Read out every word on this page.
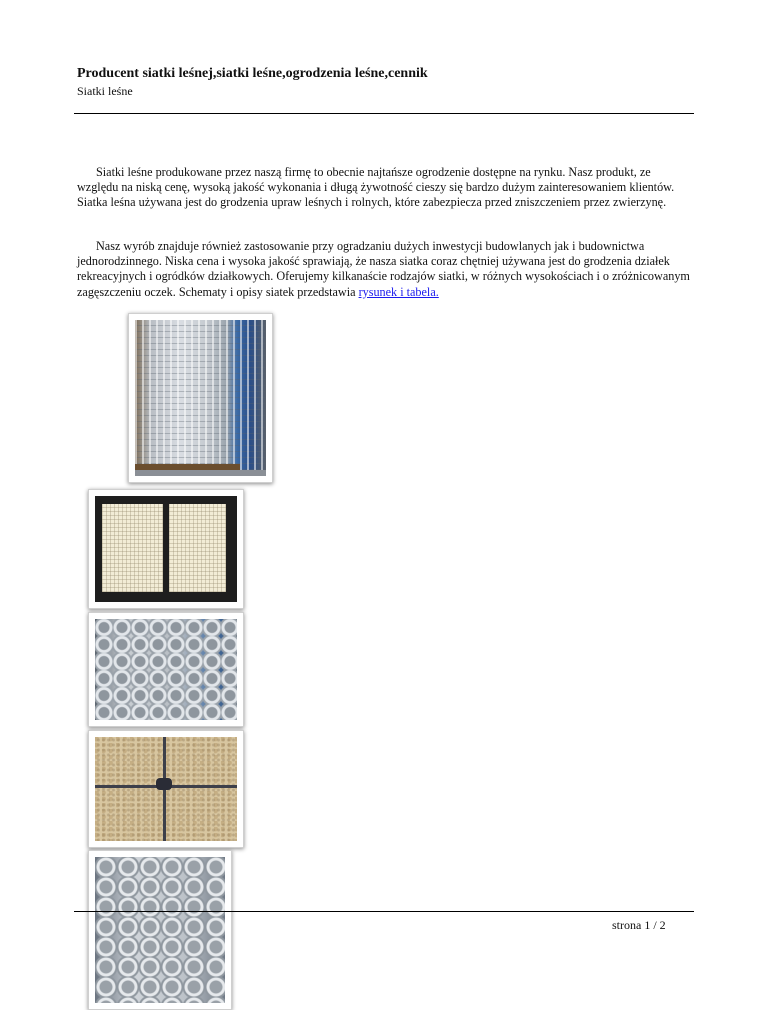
Producent siatki leśnej,siatki leśne,ogrodzenia leśne,cennik
Siatki leśne

Siatki leśne produkowane przez naszą firmę to obecnie najtańsze ogrodzenie dostępne na rynku. Nasz produkt, ze względu na niską cenę, wysoką jakość wykonania i długą żywotność cieszy się bardzo dużym zainteresowaniem klientów. Siatka leśna używana jest do grodzenia upraw leśnych i rolnych, które zabezpiecza przed zniszczeniem przez zwierzynę.

Nasz wyrób znajduje również zastosowanie przy ogradzaniu dużych inwestycji budowlanych jak i budownictwa jednorodzinnego. Niska cena i wysoka jakość sprawiają, że nasza siatka coraz chętniej używana jest do grodzenia działek rekreacyjnych i ogródków działkowych. Oferujemy kilkanaście rodzajów siatki, w różnych wysokościach i o zróżnicowanym zagęszczeniu oczek. Schematy i opisy siatek przedstawia rysunek i tabela.

strona 1 / 2
